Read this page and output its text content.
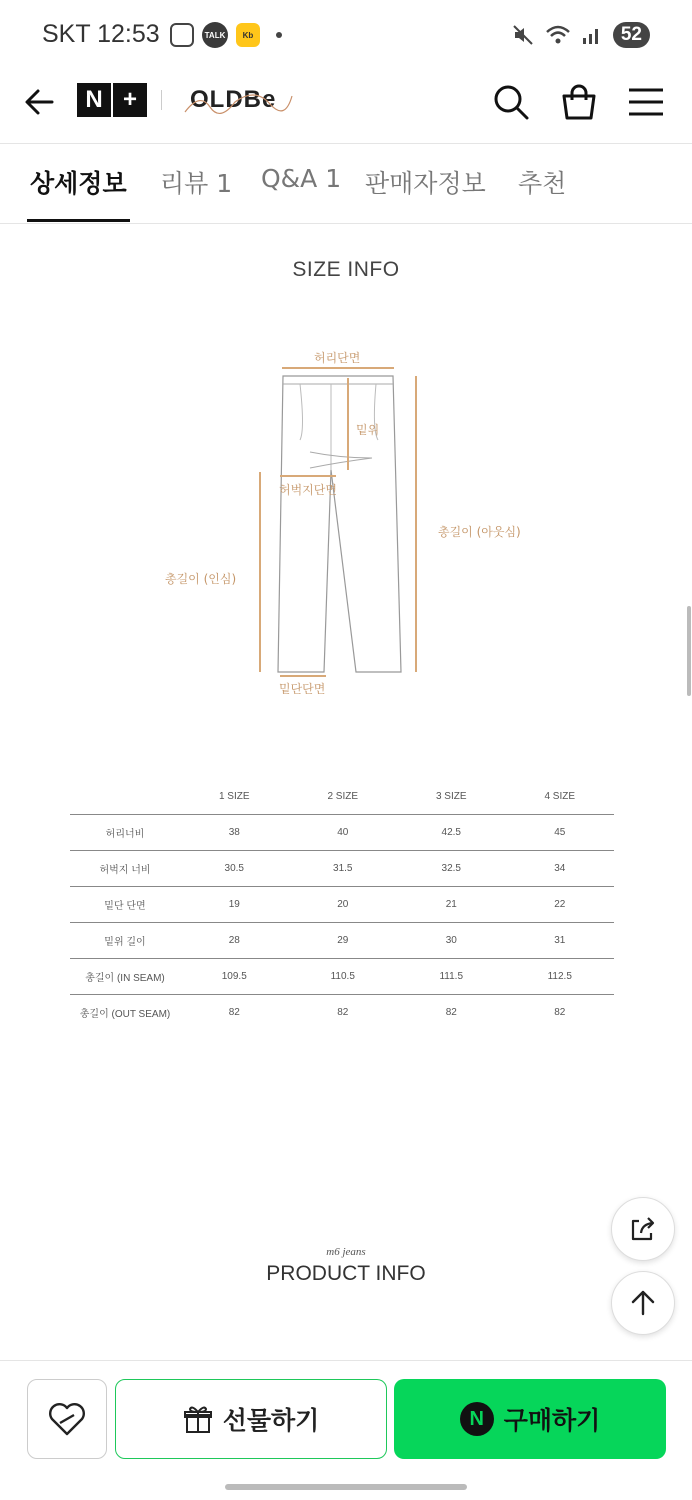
SKT 12:53	TALK	Kb	52
N +	OLDBe
상세정보 리뷰 1 Q&A 1 판매자정보 추천
SIZE INFO
허리단면
밑위
허벅지단면
총길이 (아웃심)
총길이 (인심)
밑단단면
	1 SIZE	2 SIZE	3 SIZE	4 SIZE
허리너비	38	40	42.5	45
허벅지 너비	30.5	31.5	32.5	34
밑단 단면	19	20	21	22
밑위 길이	28	29	30	31
총길이 (IN SEAM)	109.5	110.5	111.5	112.5
총길이 (OUT SEAM)	82	82	82	82
m6 jeans
PRODUCT INFO
선물하기	N 구매하기
